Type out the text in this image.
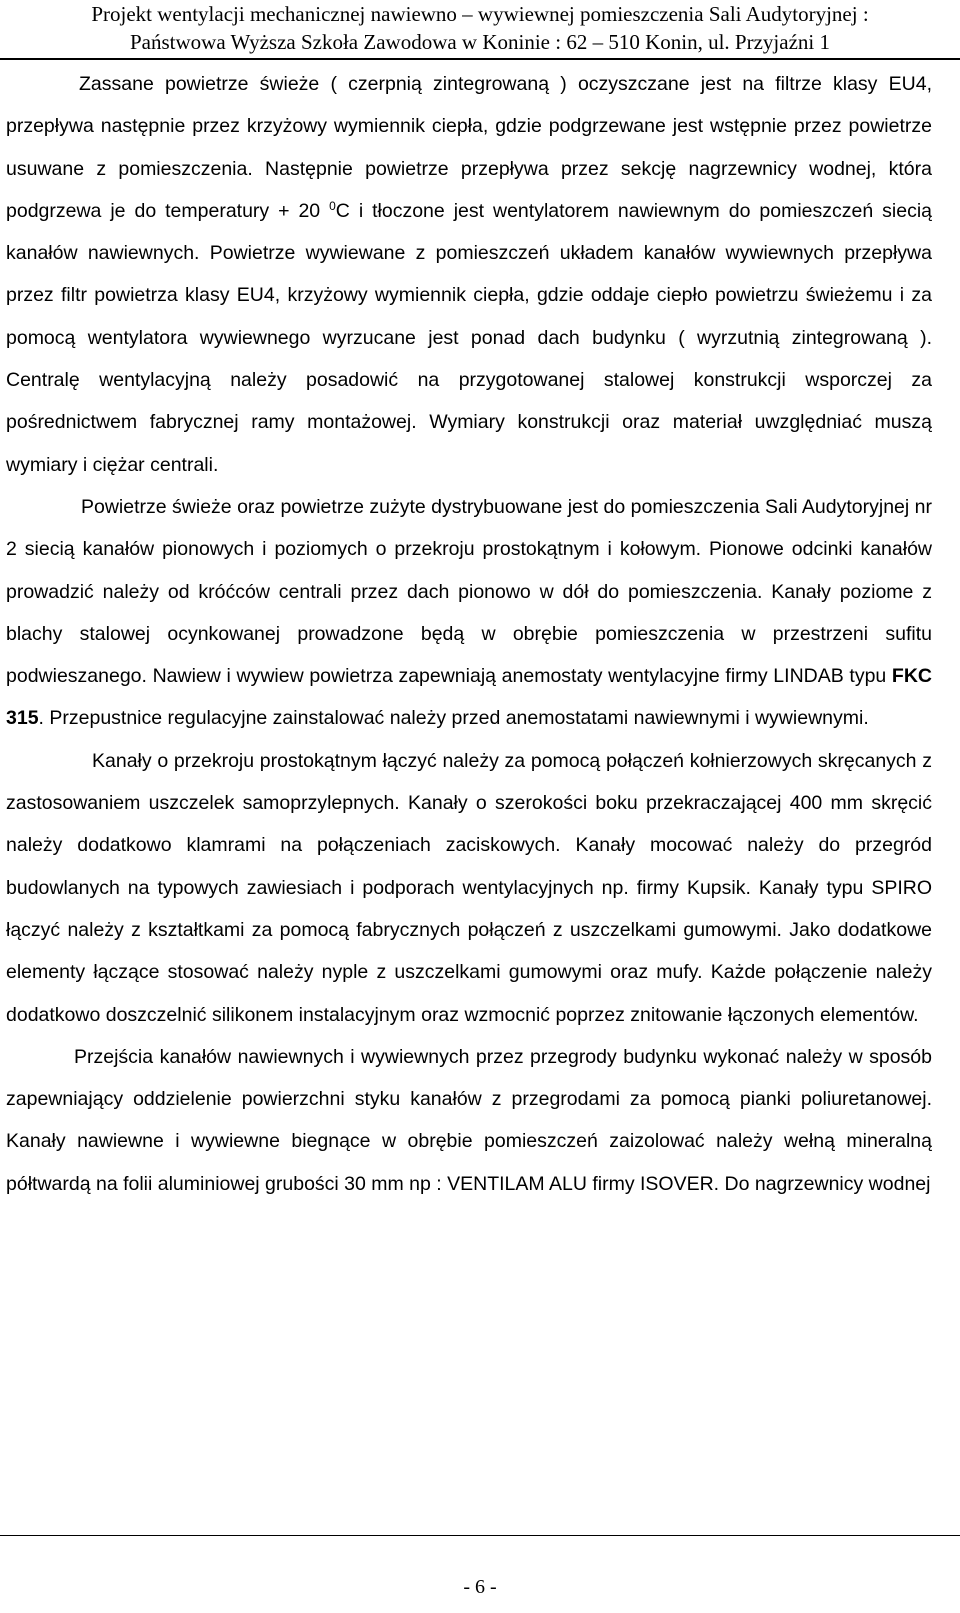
Projekt wentylacji mechanicznej nawiewno – wywiewnej pomieszczenia Sali Audytoryjnej :
Państwowa Wyższa Szkoła Zawodowa w Koninie : 62 – 510 Konin, ul. Przyjaźni 1

Zassane powietrze świeże ( czerpnią zintegrowaną ) oczyszczane jest na filtrze klasy EU4, przepływa następnie przez krzyżowy wymiennik ciepła, gdzie podgrzewane jest wstępnie przez powietrze usuwane z pomieszczenia. Następnie powietrze przepływa przez sekcję nagrzewnicy wodnej, która podgrzewa je do temperatury + 20 $^0$C i tłoczone jest wentylatorem nawiewnym do pomieszczeń siecią kanałów nawiewnych. Powietrze wywiewane z pomieszczeń układem kanałów wywiewnych przepływa przez filtr powietrza klasy EU4, krzyżowy wymiennik ciepła, gdzie oddaje ciepło powietrzu świeżemu i za pomocą wentylatora wywiewnego wyrzucane jest ponad dach budynku ( wyrzutnią zintegrowaną ). Centralę wentylacyjną należy posadowić na przygotowanej stalowej konstrukcji wsporczej za pośrednictwem fabrycznej ramy montażowej. Wymiary konstrukcji oraz materiał uwzględniać muszą wymiary i ciężar centrali.

Powietrze świeże oraz powietrze zużyte dystrybuowane jest do pomieszczenia Sali Audytoryjnej nr 2 siecią kanałów pionowych i poziomych o przekroju prostokątnym i kołowym. Pionowe odcinki kanałów prowadzić należy od króćców centrali przez dach pionowo w dół do pomieszczenia. Kanały poziome z blachy stalowej ocynkowanej prowadzone będą w obrębie pomieszczenia w przestrzeni sufitu podwieszanego. Nawiew i wywiew powietrza zapewniają anemostaty wentylacyjne firmy LINDAB typu FKC 315. Przepustnice regulacyjne zainstalować należy przed anemostatami nawiewnymi i wywiewnymi.

Kanały o przekroju prostokątnym łączyć należy za pomocą połączeń kołnierzowych skręcanych z zastosowaniem uszczelek samoprzylepnych. Kanały o szerokości boku przekraczającej 400 mm skręcić należy dodatkowo klamrami na połączeniach zaciskowych. Kanały mocować należy do przegród budowlanych na typowych zawiesiach i podporach wentylacyjnych np. firmy Kupsik. Kanały typu SPIRO łączyć należy z kształtkami za pomocą fabrycznych połączeń z uszczelkami gumowymi. Jako dodatkowe elementy łączące stosować należy nyple z uszczelkami gumowymi oraz mufy. Każde połączenie należy dodatkowo doszczelnić silikonem instalacyjnym oraz wzmocnić poprzez znitowanie łączonych elementów.

Przejścia kanałów nawiewnych i wywiewnych przez przegrody budynku wykonać należy w sposób zapewniający oddzielenie powierzchni styku kanałów z przegrodami za pomocą pianki poliuretanowej. Kanały nawiewne i wywiewne biegnące w obrębie pomieszczeń zaizolować należy wełną mineralną półtwardą na folii aluminiowej grubości 30 mm np : VENTILAM ALU firmy ISOVER. Do nagrzewnicy wodnej

- 6 -
